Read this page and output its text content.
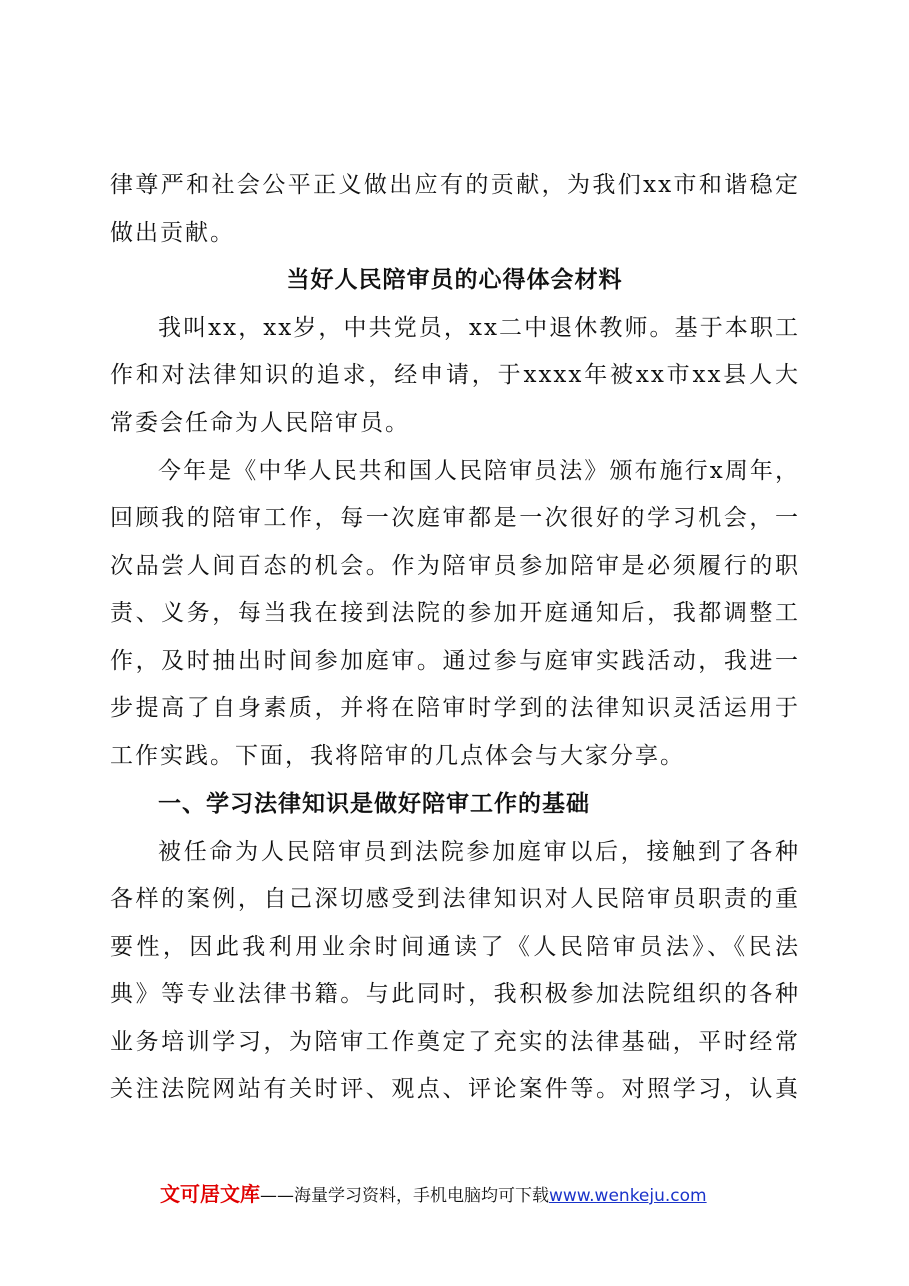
律尊严和社会公平正义做出应有的贡献，为我们xx市和谐稳定
做出贡献。
当好人民陪审员的心得体会材料
我叫xx，xx岁，中共党员，xx二中退休教师。基于本职工
作和对法律知识的追求，经申请，于xxxx年被xx市xx县人大
常委会任命为人民陪审员。
今年是《中华人民共和国人民陪审员法》颁布施行x周年，
回顾我的陪审工作，每一次庭审都是一次很好的学习机会，一
次品尝人间百态的机会。作为陪审员参加陪审是必须履行的职
责、义务，每当我在接到法院的参加开庭通知后，我都调整工
作，及时抽出时间参加庭审。通过参与庭审实践活动，我进一
步提高了自身素质，并将在陪审时学到的法律知识灵活运用于
工作实践。下面，我将陪审的几点体会与大家分享。
一、学习法律知识是做好陪审工作的基础
被任命为人民陪审员到法院参加庭审以后，接触到了各种
各样的案例，自己深切感受到法律知识对人民陪审员职责的重
要性，因此我利用业余时间通读了《人民陪审员法》、《民法
典》等专业法律书籍。与此同时，我积极参加法院组织的各种
业务培训学习，为陪审工作奠定了充实的法律基础，平时经常
关注法院网站有关时评、观点、评论案件等。对照学习，认真
文可居文库——海量学习资料，手机电脑均可下载www.wenkeju.com
